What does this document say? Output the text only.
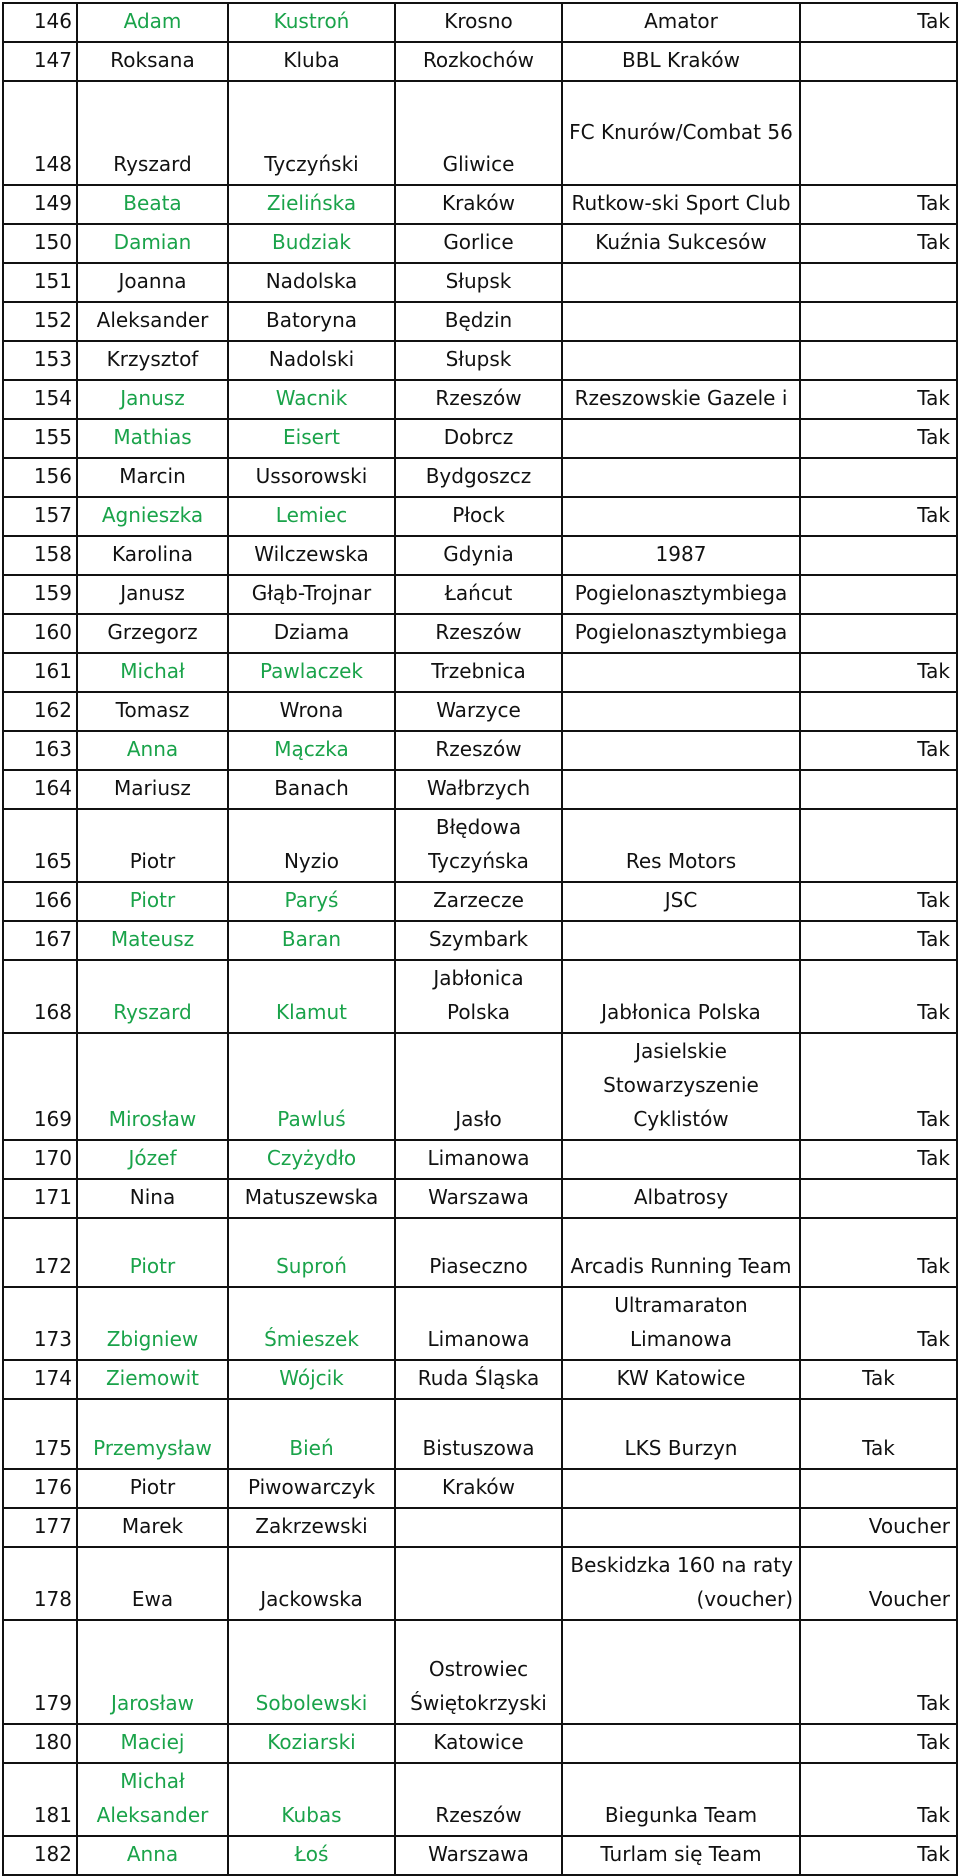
146	Adam	Kustroń	Krosno	Amator	Tak
147	Roksana	Kluba	Rozkochów	BBL Kraków	
148	Ryszard	Tyczyński	Gliwice	FC Knurów/Combat 56	
149	Beata	Zielińska	Kraków	Rutkow-ski Sport Club	Tak
150	Damian	Budziak	Gorlice	Kuźnia Sukcesów	Tak
151	Joanna	Nadolska	Słupsk		
152	Aleksander	Batoryna	Będzin		
153	Krzysztof	Nadolski	Słupsk		
154	Janusz	Wacnik	Rzeszów	Rzeszowskie Gazele i	Tak
155	Mathias	Eisert	Dobrcz		Tak
156	Marcin	Ussorowski	Bydgoszcz		
157	Agnieszka	Lemiec	Płock		Tak
158	Karolina	Wilczewska	Gdynia	1987	
159	Janusz	Głąb-Trojnar	Łańcut	Pogielonasztymbiega	
160	Grzegorz	Dziama	Rzeszów	Pogielonasztymbiega	
161	Michał	Pawlaczek	Trzebnica		Tak
162	Tomasz	Wrona	Warzyce		
163	Anna	Mączka	Rzeszów		Tak
164	Mariusz	Banach	Wałbrzych		
165	Piotr	Nyzio	Błędowa Tyczyńska	Res Motors	
166	Piotr	Paryś	Zarzecze	JSC	Tak
167	Mateusz	Baran	Szymbark		Tak
168	Ryszard	Klamut	Jabłonica Polska	Jabłonica Polska	Tak
169	Mirosław	Pawluś	Jasło	Jasielskie Stowarzyszenie Cyklistów	Tak
170	Józef	Czyżydło	Limanowa		Tak
171	Nina	Matuszewska	Warszawa	Albatrosy	
172	Piotr	Suproń	Piaseczno	Arcadis Running Team	Tak
173	Zbigniew	Śmieszek	Limanowa	Ultramaraton Limanowa	Tak
174	Ziemowit	Wójcik	Ruda Śląska	KW Katowice	Tak
175	Przemysław	Bień	Bistuszowa	LKS Burzyn	Tak
176	Piotr	Piwowarczyk	Kraków		
177	Marek	Zakrzewski			Voucher
178	Ewa	Jackowska		Beskidzka 160 na raty (voucher)	Voucher
179	Jarosław	Sobolewski	Ostrowiec Świętokrzyski		Tak
180	Maciej	Koziarski	Katowice		Tak
181	Michał Aleksander	Kubas	Rzeszów	Biegunka Team	Tak
182	Anna	Łoś	Warszawa	Turlam się Team	Tak
